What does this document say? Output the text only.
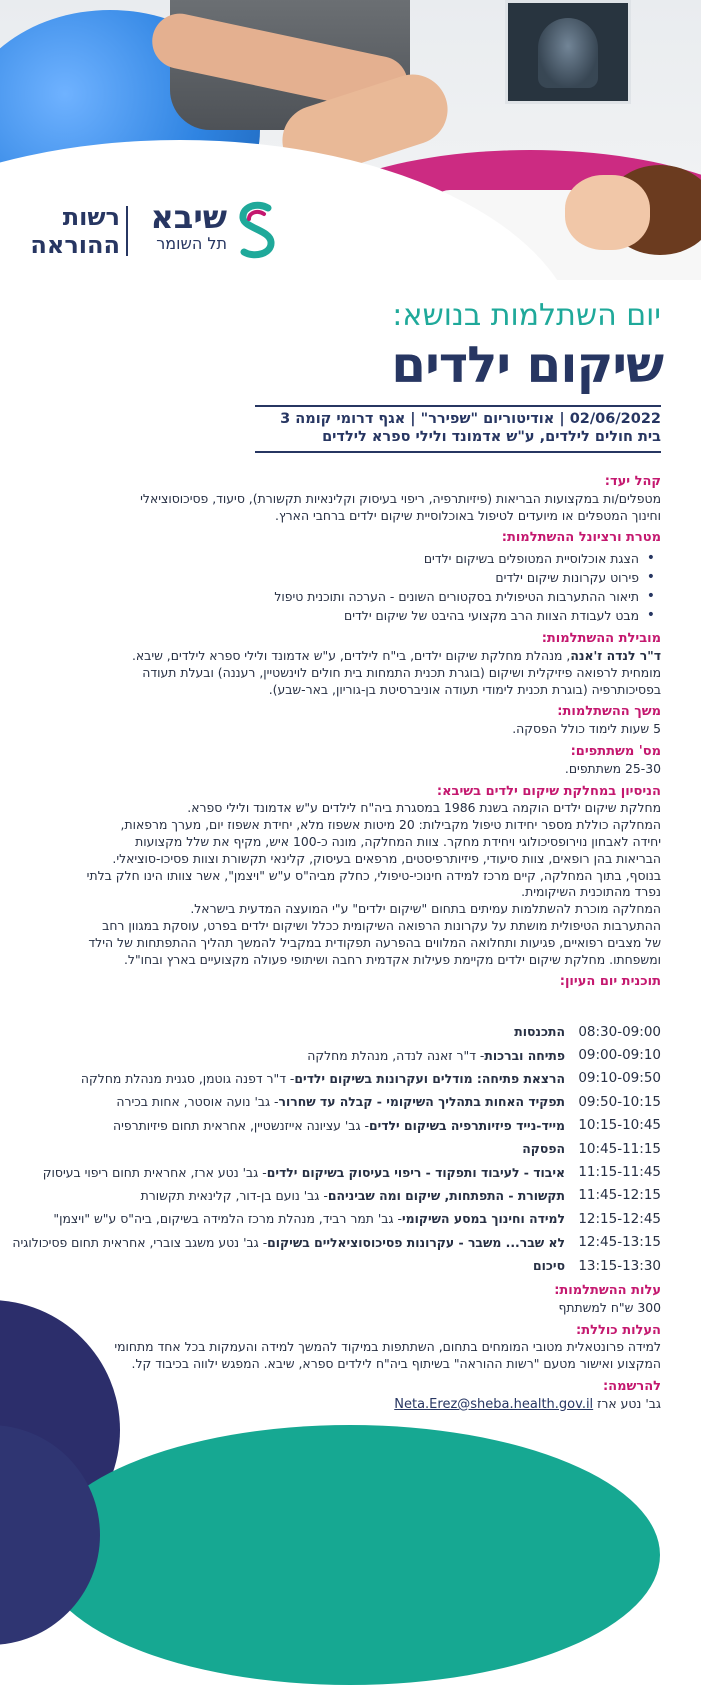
שיבא
תל השומר
רשות
ההוראה
יום השתלמות בנושא:
שיקום ילדים
02/06/2022 | אודיטוריום "שפירר" | אגף דרומי קומה 3
בית חולים לילדים, ע"ש אדמונד ולילי ספרא לילדים
קהל יעד:

מטפלים/ות במקצועות הבריאות (פיזיותרפיה, ריפוי בעיסוק וקלינאיות תקשורת), סיעוד, פסיכוסוציאלי

וחינוך המטפלים או מיועדים לטיפול באוכלוסיית שיקום ילדים ברחבי הארץ.

מטרת ורציונל ההשתלמות:
• הצגת אוכלוסיית המטופלים בשיקום ילדים
• פירוט עקרונות שיקום ילדים
• תיאור ההתערבות הטיפולית בסקטורים השונים - הערכה ותוכנית טיפול
• מבט לעבודת הצוות הרב מקצועי בהיבט של שיקום ילדים
מובילת ההשתלמות:

ד"ר לנדה ז'אנה, מנהלת מחלקת שיקום ילדים, בי"ח לילדים, ע"ש אדמונד ולילי ספרא לילדים, שיבא.

מומחית לרפואה פיזיקלית ושיקום (בוגרת תכנית התמחות בית חולים לוינשטיין, רעננה) ובעלת תעודה

בפסיכותרפיה (בוגרת תכנית לימודי תעודה אוניברסיטת בן-גוריון, באר-שבע).

משך ההשתלמות:

5 שעות לימוד כולל הפסקה.

מס' משתתפים:

25-30 משתתפים.

הניסיון במחלקת שיקום ילדים בשיבא:

מחלקת שיקום ילדים הוקמה בשנת 1986 במסגרת ביה"ח לילדים ע"ש אדמונד ולילי ספרא.

המחלקה כוללת מספר יחידות טיפול מקבילות: 20 מיטות אשפוז מלא, יחידת אשפוז יום, מערך מרפאות,

יחידה לאבחון נוירופסיכולוגי ויחידת מחקר. צוות המחלקה, מונה כ-100 איש, מקיף את שלל מקצועות

הבריאות בהן רופאים, צוות סיעודי, פיזיותרפיסטים, מרפאים בעיסוק, קלינאי תקשורת וצוות פסיכו-סוציאלי.

בנוסף, בתוך המחלקה, קיים מרכז למידה חינוכי-טיפולי, כחלק מביה"ס ע"ש "ויצמן", אשר צוותו הינו חלק בלתי

נפרד מהתוכנית השיקומית.

המחלקה מוכרת להשתלמות עמיתים בתחום "שיקום ילדים" ע"י המועצה המדעית בישראל.

ההתערבות הטיפולית מושתת על עקרונות הרפואה השיקומית ככלל ושיקום ילדים בפרט, עוסקת במגוון רחב

של מצבים רפואיים, פגיעות ותחלואה המלווים בהפרעה תפקודית במקביל להמשך תהליך ההתפתחות של הילד

ומשפחתו. מחלקת שיקום ילדים מקיימת פעילות אקדמית רחבה ושיתופי פעולה מקצועיים בארץ ובחו"ל.

תוכנית יום העיון:
08:30-09:00
התכנסות
09:00-09:10
פתיחה וברכות
- ד"ר זאנה לנדה, מנהלת מחלקה
09:10-09:50
הרצאת פתיחה: מודלים ועקרונות בשיקום ילדים
- ד"ר דפנה גוטמן, סגנית מנהלת מחלקה
09:50-10:15
תפקיד האחות בתהליך השיקומי - קבלה עד שחרור
- גב' נועה אוסטר, אחות בכירה
10:15-10:45
מייד-נייד פיזיותרפיה בשיקום ילדים
- גב' עציונה אייזנשטיין, אחראית תחום פיזיותרפיה
10:45-11:15
הפסקה
11:15-11:45
איבוד - לעיבוד ותפקוד - ריפוי בעיסוק בשיקום ילדים
- גב' נטע ארז, אחראית תחום ריפוי בעיסוק
11:45-12:15
תקשורת - התפתחות, שיקום ומה שביניהם
- גב' נועם בן-דור, קלינאית תקשורת
12:15-12:45
למידה וחינוך במסע השיקומי
- גב' תמר רביד, מנהלת מרכז הלמידה בשיקום, ביה"ס ע"ש "ויצמן"
12:45-13:15
לא שבר... משבר - עקרונות פסיכוסוציאליים בשיקום
- גב' נטע משגב צוברי, אחראית תחום פסיכולוגיה
13:15-13:30
סיכום
עלות ההשתלמות:

300 ש"ח למשתתף

העלות כוללת:

למידה פרונטאלית מטובי המומחים בתחום, השתתפות במיקוד להמשך למידה והעמקות בכל אחד מתחומי

המקצוע ואישור מטעם "רשות ההוראה" בשיתוף ביה"ח לילדים ספרא, שיבא. המפגש ילווה בכיבוד קל.

להרשמה:

גב' נטע ארז Neta.Erez@sheba.health.gov.il
